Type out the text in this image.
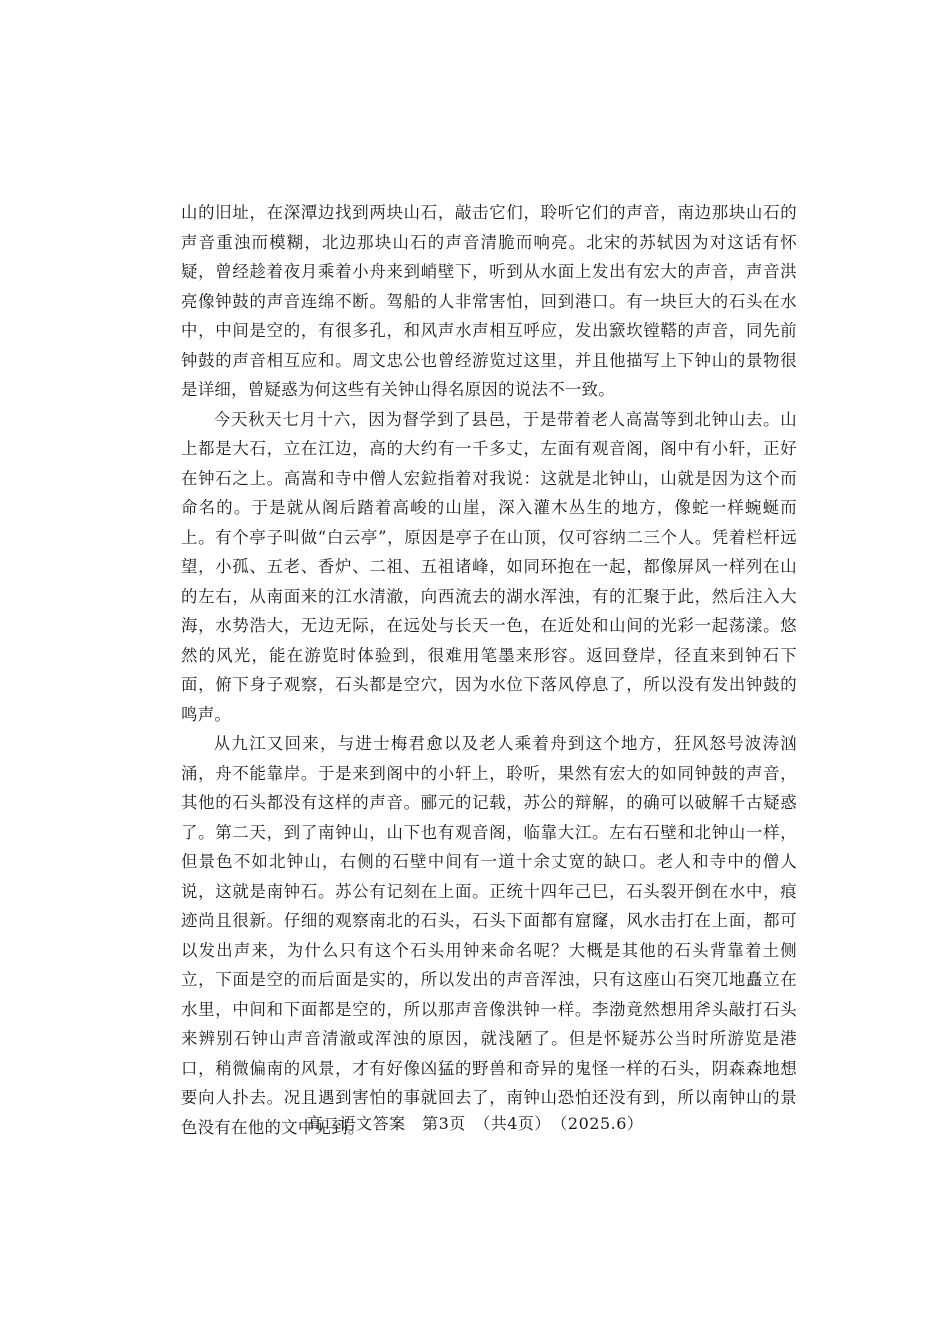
山的旧址，在深潭边找到两块山石，敲击它们，聆听它们的声音，南边那块山石的声音重浊而模糊，北边那块山石的声音清脆而响亮。北宋的苏轼因为对这话有怀疑，曾经趁着夜月乘着小舟来到峭壁下，听到从水面上发出有宏大的声音，声音洪亮像钟鼓的声音连绵不断。驾船的人非常害怕，回到港口。有一块巨大的石头在水中，中间是空的，有很多孔，和风声水声相互呼应，发出窾坎镗鞳的声音，同先前钟鼓的声音相互应和。周文忠公也曾经游览过这里，并且他描写上下钟山的景物很是详细，曾疑惑为何这些有关钟山得名原因的说法不一致。

今天秋天七月十六，因为督学到了县邑，于是带着老人高嵩等到北钟山去。山上都是大石，立在江边，高的大约有一千多丈，左面有观音阁，阁中有小轩，正好在钟石之上。高嵩和寺中僧人宏鉝指着对我说：这就是北钟山，山就是因为这个而命名的。于是就从阁后踏着高峻的山崖，深入灌木丛生的地方，像蛇一样蜿蜒而上。有个亭子叫做“白云亭”，原因是亭子在山顶，仅可容纳二三个人。凭着栏杆远望，小孤、五老、香炉、二祖、五祖诸峰，如同环抱在一起，都像屏风一样列在山的左右，从南面来的江水清澈，向西流去的湖水浑浊，有的汇聚于此，然后注入大海，水势浩大，无边无际，在远处与长天一色，在近处和山间的光彩一起荡漾。悠然的风光，能在游览时体验到，很难用笔墨来形容。返回登岸，径直来到钟石下面，俯下身子观察，石头都是空穴，因为水位下落风停息了，所以没有发出钟鼓的鸣声。

从九江又回来，与进士梅君愈以及老人乘着舟到这个地方，狂风怒号波涛汹涌，舟不能靠岸。于是来到阁中的小轩上，聆听，果然有宏大的如同钟鼓的声音，其他的石头都没有这样的声音。郦元的记载，苏公的辩解，的确可以破解千古疑惑了。第二天，到了南钟山，山下也有观音阁，临靠大江。左右石壁和北钟山一样，但景色不如北钟山，右侧的石壁中间有一道十余丈宽的缺口。老人和寺中的僧人说，这就是南钟石。苏公有记刻在上面。正统十四年己巳，石头裂开倒在水中，痕迹尚且很新。仔细的观察南北的石头，石头下面都有窟窿，风水击打在上面，都可以发出声来，为什么只有这个石头用钟来命名呢？大概是其他的石头背靠着土侧立，下面是空的而后面是实的，所以发出的声音浑浊，只有这座山石突兀地矗立在水里，中间和下面都是空的，所以那声音像洪钟一样。李渤竟然想用斧头敲打石头来辨别石钟山声音清澈或浑浊的原因，就浅陋了。但是怀疑苏公当时所游览是港口，稍微偏南的风景，才有好像凶猛的野兽和奇异的鬼怪一样的石头，阴森森地想要向人扑去。况且遇到害怕的事就回去了，南钟山恐怕还没有到，所以南钟山的景色没有在他的文中见到。

高二语文答案　第3页　（共4页）　（2025.6）
